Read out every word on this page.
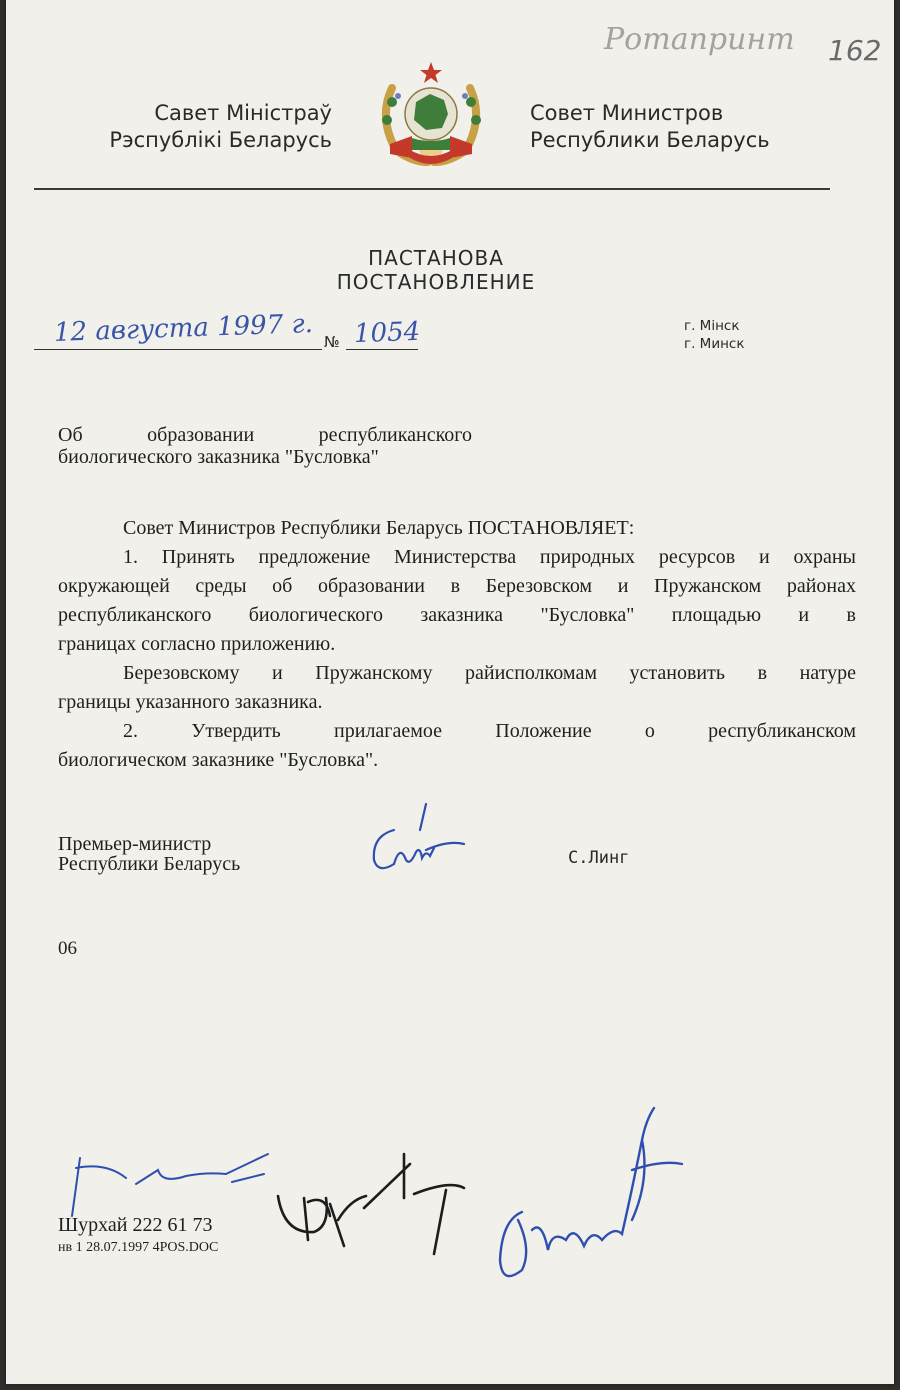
Ротапринт 162
Савет Мiнiстраў
Рэспублiкi Беларусь	РЭСПУБЛІКА БЕЛАРУСЬ
Совет Министров
Республики Беларусь
ПАСТАНОВА
ПОСТАНОВЛЕНИЕ
12 августа 1997 г. № 1054	г. Мiнск
г. Минск
Об образовании республиканского
биологического заказника "Бусловка"
Совет Министров Республики Беларусь ПОСТАНОВЛЯЕТ:
1. Принять предложение Министерства природных ресурсов и охраны
окружающей среды об образовании в Березовском и Пружанском районах
республиканского биологического заказника "Бусловка" площадью и в
границах согласно приложению.
Березовскому и Пружанскому райисполкомам установить в натуре
границы указанного заказника.
2. Утвердить прилагаемое Положение о республиканском
биологическом заказнике "Бусловка".
Премьер-министр
Республики Беларусь	С.Линг
06
Шурхай 222 61 73
нв 1 28.07.1997 4POS.DOC
